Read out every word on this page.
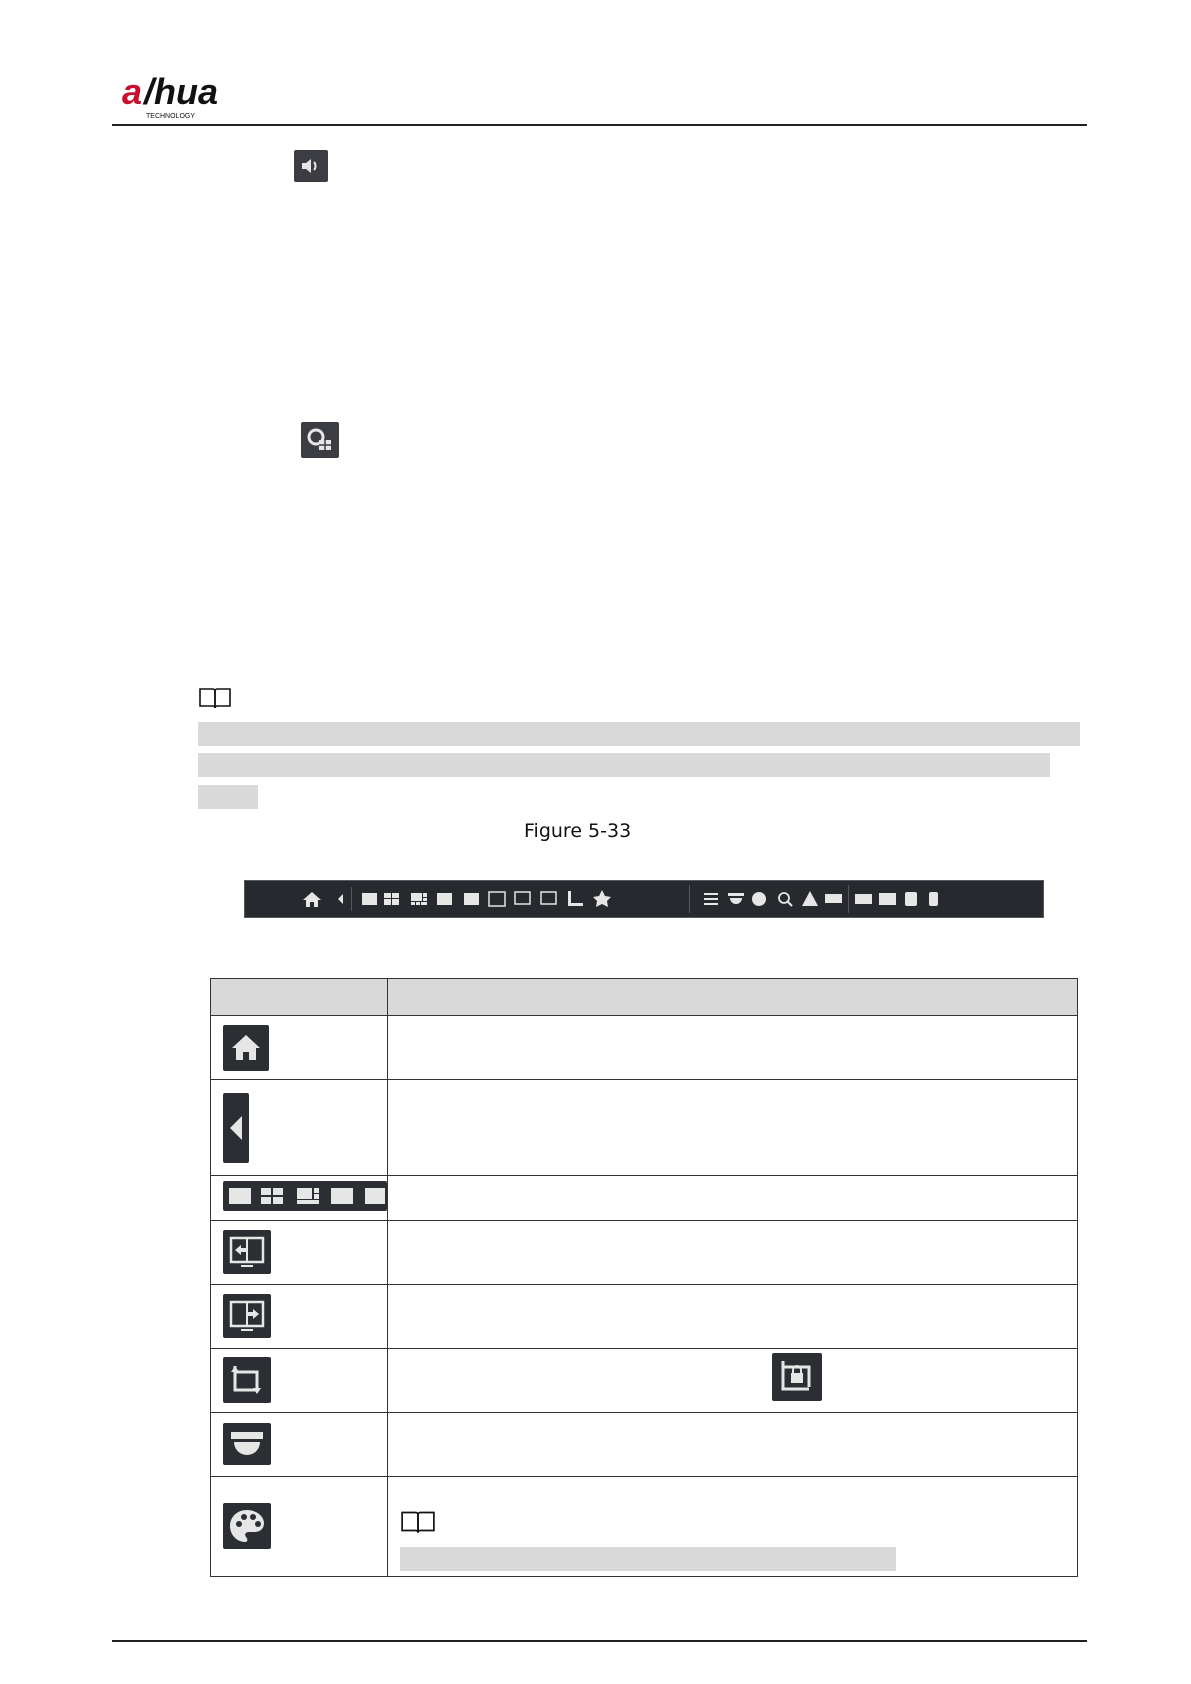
a /hua
TECHNOLOGY
Figure 5-33
